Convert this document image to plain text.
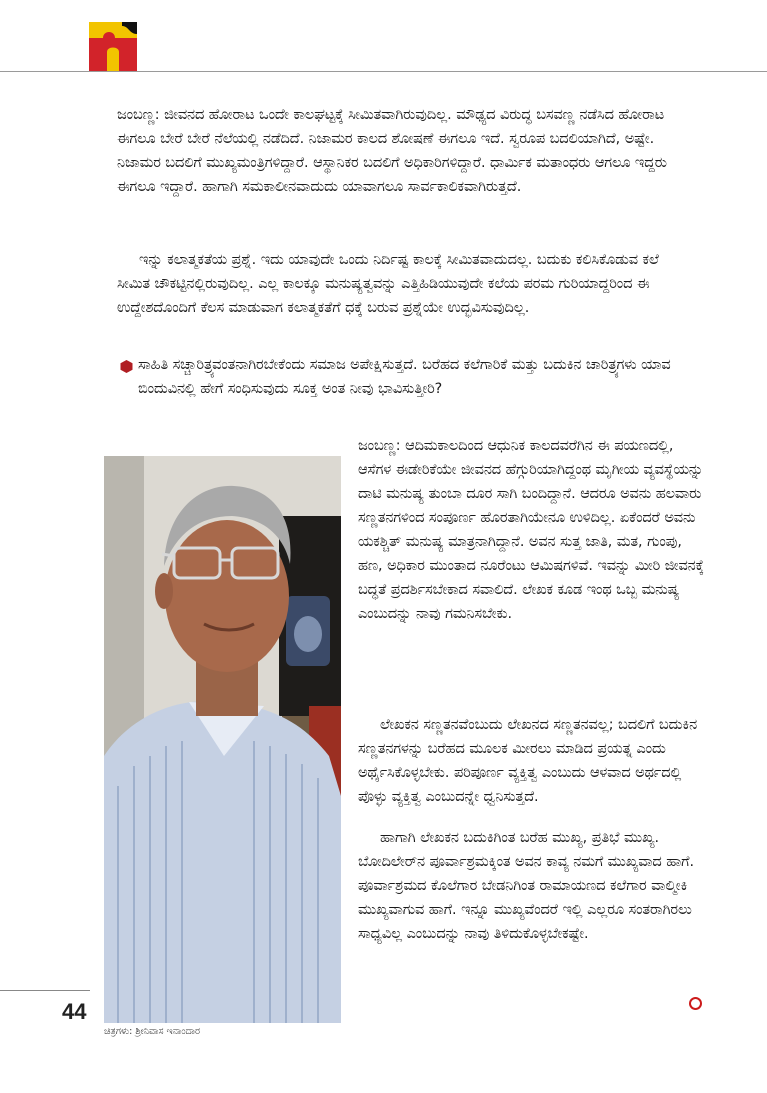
ಜಂಬಣ್ಣ: ಜೀವನದ ಹೋರಾಟ ಒಂದೇ ಕಾಲಘಟ್ಟಕ್ಕೆ ಸೀಮಿತವಾಗಿರುವುದಿಲ್ಲ. ಮೌಢ್ಯದ ವಿರುದ್ಧ ಬಸವಣ್ಣ ನಡೆಸಿದ ಹೋರಾಟ ಈಗಲೂ ಬೇರೆ ಬೇರೆ ನೆಲೆಯಲ್ಲಿ ನಡೆದಿದೆ. ನಿಜಾಮರ ಕಾಲದ ಶೋಷಣೆ ಈಗಲೂ ಇದೆ. ಸ್ವರೂಪ ಬದಲಿಯಾಗಿದೆ, ಅಷ್ಟೇ. ನಿಜಾಮರ ಬದಲಿಗೆ ಮುಖ್ಯಮಂತ್ರಿಗಳಿದ್ದಾರೆ. ಆಸ್ಥಾನಿಕರ ಬದಲಿಗೆ ಅಧಿಕಾರಿಗಳಿದ್ದಾರೆ. ಧಾರ್ಮಿಕ ಮತಾಂಧರು ಆಗಲೂ ಇದ್ದರು ಈಗಲೂ ಇದ್ದಾರೆ. ಹಾಗಾಗಿ ಸಮಕಾಲೀನವಾದುದು ಯಾವಾಗಲೂ ಸಾರ್ವಕಾಲಿಕವಾಗಿರುತ್ತದೆ.

ಇನ್ನು ಕಲಾತ್ಮಕತೆಯ ಪ್ರಶ್ನೆ. ಇದು ಯಾವುದೇ ಒಂದು ನಿರ್ದಿಷ್ಟ ಕಾಲಕ್ಕೆ ಸೀಮಿತವಾದುದಲ್ಲ. ಬದುಕು ಕಲಿಸಿಕೊಡುವ ಕಲೆ ಸೀಮಿತ ಚೌಕಟ್ಟಿನಲ್ಲಿರುವುದಿಲ್ಲ. ಎಲ್ಲ ಕಾಲಕ್ಕೂ ಮನುಷ್ಯತ್ವವನ್ನು ಎತ್ತಿಹಿಡಿಯುವುದೇ ಕಲೆಯ ಪರಮ ಗುರಿಯಾದ್ದರಿಂದ ಈ ಉದ್ದೇಶದೊಂದಿಗೆ ಕೆಲಸ ಮಾಡುವಾಗ ಕಲಾತ್ಮಕತೆಗೆ ಧಕ್ಕೆ ಬರುವ ಪ್ರಶ್ನೆಯೇ ಉದ್ಭವಿಸುವುದಿಲ್ಲ.

ಸಾಹಿತಿ ಸಚ್ಚಾರಿತ್ರ್ಯವಂತನಾಗಿರಬೇಕೆಂದು ಸಮಾಜ ಅಪೇಕ್ಷಿಸುತ್ತದೆ. ಬರೆಹದ ಕಲೆಗಾರಿಕೆ ಮತ್ತು ಬದುಕಿನ ಚಾರಿತ್ರ್ಯಗಳು ಯಾವ ಬಿಂದುವಿನಲ್ಲಿ ಹೇಗೆ ಸಂಧಿಸುವುದು ಸೂಕ್ತ ಅಂತ ನೀವು ಭಾವಿಸುತ್ತೀರಿ?

ಜಂಬಣ್ಣ: ಆದಿಮಕಾಲದಿಂದ ಆಧುನಿಕ ಕಾಲದವರೆಗಿನ ಈ ಪಯಣದಲ್ಲಿ, ಆಸೆಗಳ ಈಡೇರಿಕೆಯೇ ಜೀವನದ ಹೆಗ್ಗುರಿಯಾಗಿದ್ದಂಥ ಮೃಗೀಯ ವ್ಯವಸ್ಥೆಯನ್ನು ದಾಟಿ ಮನುಷ್ಯ ತುಂಬಾ ದೂರ ಸಾಗಿ ಬಂದಿದ್ದಾನೆ. ಆದರೂ ಅವನು ಹಲವಾರು ಸಣ್ಣತನಗಳಿಂದ ಸಂಪೂರ್ಣ ಹೊರತಾಗಿಯೇನೂ ಉಳಿದಿಲ್ಲ. ಏಕೆಂದರೆ ಅವನು ಯಕಶ್ಚಿತ್ ಮನುಷ್ಯ ಮಾತ್ರನಾಗಿದ್ದಾನೆ. ಅವನ ಸುತ್ತ ಜಾತಿ, ಮತ, ಗುಂಪು, ಹಣ, ಅಧಿಕಾರ ಮುಂತಾದ ನೂರೆಂಟು ಆಮಿಷಗಳಿವೆ. ಇವನ್ನು ಮೀರಿ ಜೀವನಕ್ಕೆ ಬದ್ಧತೆ ಪ್ರದರ್ಶಿಸಬೇಕಾದ ಸವಾಲಿದೆ. ಲೇಖಕ ಕೂಡ ಇಂಥ ಒಬ್ಬ ಮನುಷ್ಯ ಎಂಬುದನ್ನು ನಾವು ಗಮನಿಸಬೇಕು.

ಲೇಖಕನ ಸಣ್ಣತನವೆಂಬುದು ಲೇಖನದ ಸಣ್ಣತನವಲ್ಲ; ಬದಲಿಗೆ ಬದುಕಿನ ಸಣ್ಣತನಗಳನ್ನು ಬರೆಹದ ಮೂಲಕ ಮೀರಲು ಮಾಡಿದ ಪ್ರಯತ್ನ ಎಂದು ಅರ್ಥೈಸಿಕೊಳ್ಳಬೇಕು. ಪರಿಪೂರ್ಣ ವ್ಯಕ್ತಿತ್ವ ಎಂಬುದು ಆಳವಾದ ಅರ್ಥದಲ್ಲಿ ಪೊಳ್ಳು ವ್ಯಕ್ತಿತ್ವ ಎಂಬುದನ್ನೇ ಧ್ವನಿಸುತ್ತದೆ.

ಹಾಗಾಗಿ ಲೇಖಕನ ಬದುಕಿಗಿಂತ ಬರೆಹ ಮುಖ್ಯ, ಪ್ರತಿಭೆ ಮುಖ್ಯ. ಬೋದಿಲೇರ್‌ನ ಪೂರ್ವಾಶ್ರಮಕ್ಕಿಂತ ಅವನ ಕಾವ್ಯ ನಮಗೆ ಮುಖ್ಯವಾದ ಹಾಗೆ. ಪೂರ್ವಾಶ್ರಮದ ಕೊಲೆಗಾರ ಬೇಡನಿಗಿಂತ ರಾಮಾಯಣದ ಕಲೆಗಾರ ವಾಲ್ಮೀಕಿ ಮುಖ್ಯವಾಗುವ ಹಾಗೆ. ಇನ್ನೂ ಮುಖ್ಯವೆಂದರೆ ಇಲ್ಲಿ ಎಲ್ಲರೂ ಸಂತರಾಗಿರಲು ಸಾಧ್ಯವಿಲ್ಲ ಎಂಬುದನ್ನು ನಾವು ತಿಳಿದುಕೊಳ್ಳಬೇಕಷ್ಟೇ.

44
ಚಿತ್ರಗಳು: ಶ್ರೀನಿವಾಸ ಇನಾಂದಾರ
